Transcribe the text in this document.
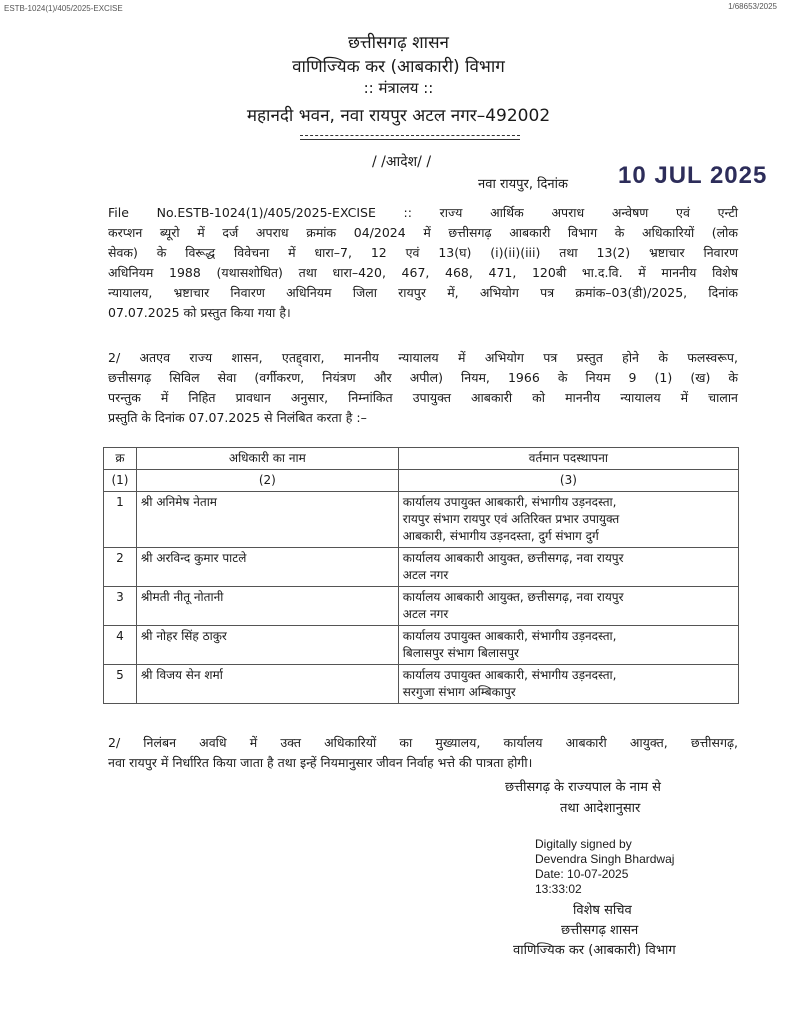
ESTB-1024(1)/405/2025-EXCISE	1/68653/2025
छत्तीसगढ़ शासन
वाणिज्यिक कर (आबकारी) विभाग
:: मंत्रालय ::
महानदी भवन, नवा रायपुर अटल नगर–492002
/ /आदेश/ /
नवा रायपुर, दिनांक 10 JUL 2025
File No.ESTB-1024(1)/405/2025-EXCISE :: राज्य आर्थिक अपराध अन्वेषण एवं एन्टी
करप्शन ब्यूरो में दर्ज अपराध क्रमांक 04/2024 में छत्तीसगढ़ आबकारी विभाग के अधिकारियों (लोक
सेवक) के विरूद्ध विवेचना में धारा–7, 12 एवं 13(घ) (i)(ii)(iii) तथा 13(2) भ्रष्टाचार निवारण
अधिनियम 1988 (यथासशोधित) तथा धारा–420, 467, 468, 471, 120बी भा.द.वि. में माननीय विशेष
न्यायालय, भ्रष्टाचार निवारण अधिनियम जिला रायपुर में, अभियोग पत्र क्रमांक–03(डी)/2025, दिनांक
07.07.2025 को प्रस्तुत किया गया है।
2/ अतएव राज्य शासन, एतद्द्वारा, माननीय न्यायालय में अभियोग पत्र प्रस्तुत होने के फलस्वरूप,
छत्तीसगढ़ सिविल सेवा (वर्गीकरण, नियंत्रण और अपील) नियम, 1966 के नियम 9 (1) (ख) के
परन्तुक में निहित प्रावधान अनुसार, निम्नांकित उपायुक्त आबकारी को माननीय न्यायालय में चालान
प्रस्तुति के दिनांक 07.07.2025 से निलंबित करता है :–
क्र	अधिकारी का नाम	वर्तमान पदस्थापना
(1)	(2)	(3)
1	श्री अनिमेष नेताम	कार्यालय उपायुक्त आबकारी, संभागीय उड़नदस्ता,
रायपुर संभाग रायपुर एवं अतिरिक्त प्रभार उपायुक्त
आबकारी, संभागीय उड़नदस्ता, दुर्ग संभाग दुर्ग

2	श्री अरविन्द कुमार पाटले	कार्यालय आबकारी आयुक्त, छत्तीसगढ़, नवा रायपुर
अटल नगर

3	श्रीमती नीतू नोतानी	कार्यालय आबकारी आयुक्त, छत्तीसगढ़, नवा रायपुर
अटल नगर

4	श्री नोहर सिंह ठाकुर	कार्यालय उपायुक्त आबकारी, संभागीय उड़नदस्ता,
बिलासपुर संभाग बिलासपुर

5	श्री विजय सेन शर्मा	कार्यालय उपायुक्त आबकारी, संभागीय उड़नदस्ता,
सरगुजा संभाग अम्बिकापुर
2/ निलंबन अवधि में उक्त अधिकारियों का मुख्यालय, कार्यालय आबकारी आयुक्त, छत्तीसगढ़,
नवा रायपुर में निर्धारित किया जाता है तथा इन्हें नियमानुसार जीवन निर्वाह भत्ते की पात्रता होगी।
छत्तीसगढ़ के राज्यपाल के नाम से
तथा आदेशानुसार
Digitally signed by
Devendra Singh Bhardwaj
Date: 10-07-2025
13:33:02
विशेष सचिव
छत्तीसगढ़ शासन
वाणिज्यिक कर (आबकारी) विभाग
